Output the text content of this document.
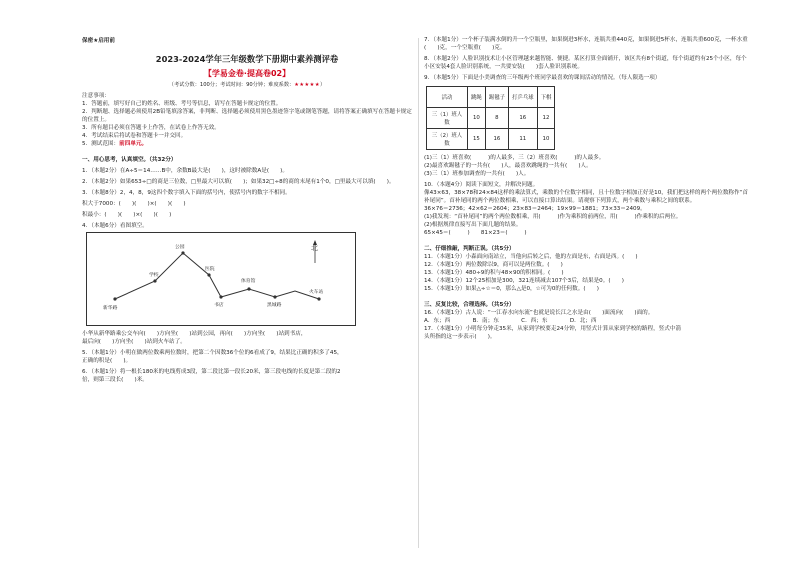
保密★启用前
2023-2024学年三年级数学下册期中素养测评卷
【学易金卷·提高卷02】
（考试分数：100分；考试时间：90分钟；难度系数：★★★★★）
注意事项：
1．答题前，填写好自己的姓名、班级、考号等信息，请写在答题卡规定的位置。
2．判断题、选择题必须使用2B铅笔填涂答案，非判断、选择题必须使用黑色墨迹签字笔或钢笔答题，请将答案正确填写在答题卡规定的位置上。
3．所有题目必须在答题卡上作答，在试卷上作答无效。
4．考试结束后将试卷和答题卡一并交回。
5．测试范围：前四单元。
一、用心思考，认真填空。（共32分）
1．（本题2分）在A÷5＝14……B中，余数B最大是(　　)，这时被除数A是(　　)。
2．（本题2分）如果653÷□的商是三位数，□里最大可以填(　　)；如果32□÷8的商的末尾有1个0，□里最大可以填(　　)。
3．（本题8分）2，4，8，9这四个数字填入下面的括号内，使括号内的数字不相同。
积大于7000：(　　)(　　)×(　　)(　　)
积最小：(　　)(　　)×(　　)(　　)
4．（本题6分）看图填空。
公园
医院
学校
体育馆
火车站
新华路
书店	黑城路
北
小华从新华路乘公交车向(　　)方向坐(　　)站到公园，再向(　　)方向坐(　　)站到书店，
最后向(　　)方向坐(　　)站到火车站了。
5．（本题1分）小明在做两位数乘两位数时，把第二个因数36个位的6看成了9，结果比正确的积多了45，
正确的积是(　　)。
6．（本题1分）将一根长180米的电线剪成3段，第二段比第一段长20米，第三段电线的长度是第二段的2
倍，则第三段长(　　)米。
7．（本题1分）一个杯子装满水倒的升一个空瓶里，如果倒进3杯水，连瓶共重440克，如果倒进5杯水，连瓶共重600克，一杯水重(　　)克，一个空瓶重(　　)克。
8．（本题2分）人脸识别技术让小区管理越来越智能、便捷。某区打算全面铺开，该区共有8个街道，每个街道约有25个小区，每个小区安装4套人脸识别系统，一共要安装(　　)套人脸识别系统。
9．（本题5分）下面是小美调查的三年级两个班同学最喜欢的课间活动的情况。（每人限选一项）
活动	跳绳	踢毽子	打乒乓球	下棋
三（1）班人数	10	8	16	12
三（2）班人数	15	16	11	10
(1)三（1）班喜欢(　　　)的人最多，三（2）班喜欢(　　　)的人最多。
(2)最喜欢踢毽子的一共有(　　)人，最喜欢跳绳的一共有(　　)人。
(3)三（1）班参加调查的一共有(　　)人。
10．（本题4分）阅读下面短文，并解决问题。
像43×63，38×78和24×84这样的乘法算式，乘数的个位数字相同，且十位数字相加正好是10，我们把这样的两个两位数称作“首补尾同”。首补尾同的两个两位数相乘，可以直接口算出结果。请观察下列算式，两个乘数与乘积之间的联系。
36×76＝2736；42×62＝2604；23×83＝2464；19×99＝1881；73×33＝2409。
(1)我发现：“首补尾同”的两个两位数相乘，用(　　　)作为乘积的前两位，用(　　　)作乘积的后两位。
(2)根据规律直接写出下面几题的结果。
65×45＝(　　　)　　81×23＝(　　　)
二、仔细推敲，判断正误。（共5分）
11．（本题1分）小森面向南站立，当他向后转之后，他的左面是东，右面是西。(　　)
12．（本题1分）两位数除以9，商可以是两位数。(　　)
13．（本题1分）480÷9的积与48×90的积相同。(　　)
14．（本题1分）12个25相加是300，321连续减去107个3后，结果是0。(　　)
15．（本题1分）如果△÷☆＝0，那么△是0，☆可为0的任何数。(　　)
三、反复比较，合理选择。（共5分）
16．（本题1分）古人说：“一江春水向东流”也就是说长江之水是由(　　)面流向(　　)面的。
A．东；西　　　　B．南；东　　　　C．西；东　　　　D．北；西
17．（本题1分）小明每分钟走35米，从家到学校要走24分钟，用竖式计算从家到学校的路程，竖式中箭
头所指的这一步表示(　　)。
